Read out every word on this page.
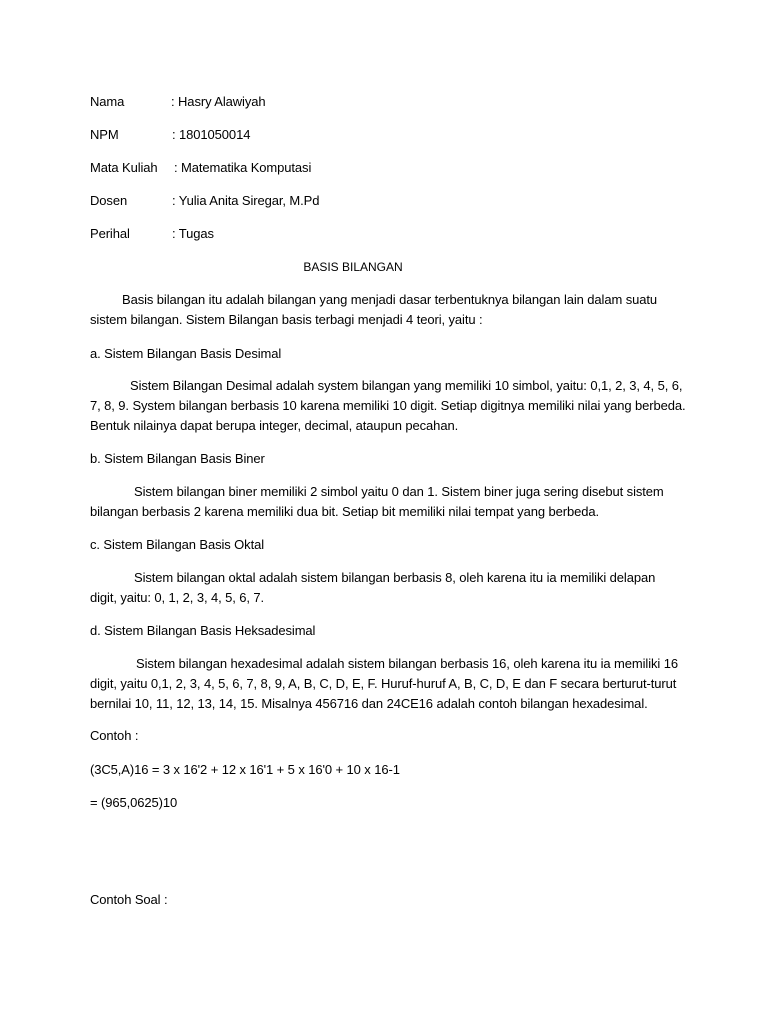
Nama	: Hasry Alawiyah
NPM	: 1801050014
Mata Kuliah : Matematika Komputasi
Dosen	: Yulia Anita Siregar, M.Pd
Perihal	: Tugas
BASIS BILANGAN
Basis bilangan itu adalah bilangan yang menjadi dasar terbentuknya bilangan lain dalam suatu
sistem bilangan. Sistem Bilangan basis terbagi menjadi 4 teori, yaitu :
a. Sistem Bilangan Basis Desimal
Sistem Bilangan Desimal adalah system bilangan yang memiliki 10 simbol, yaitu: 0,1, 2, 3, 4, 5, 6,
7, 8, 9. System bilangan berbasis 10 karena memiliki 10 digit. Setiap digitnya memiliki nilai yang berbeda.
Bentuk nilainya dapat berupa integer, decimal, ataupun pecahan.
b. Sistem Bilangan Basis Biner
Sistem bilangan biner memiliki 2 simbol yaitu 0 dan 1. Sistem biner juga sering disebut sistem
bilangan berbasis 2 karena memiliki dua bit. Setiap bit memiliki nilai tempat yang berbeda.
c. Sistem Bilangan Basis Oktal
Sistem bilangan oktal adalah sistem bilangan berbasis 8, oleh karena itu ia memiliki delapan
digit, yaitu: 0, 1, 2, 3, 4, 5, 6, 7.
d. Sistem Bilangan Basis Heksadesimal
Sistem bilangan hexadesimal adalah sistem bilangan berbasis 16, oleh karena itu ia memiliki 16
digit, yaitu 0,1, 2, 3, 4, 5, 6, 7, 8, 9, A, B, C, D, E, F. Huruf-huruf A, B, C, D, E dan F secara berturut-turut
bernilai 10, 11, 12, 13, 14, 15. Misalnya 456716 dan 24CE16 adalah contoh bilangan hexadesimal.
Contoh :
(3C5,A)16 = 3 x 16'2 + 12 x 16'1 + 5 x 16'0 + 10 x 16-1
= (965,0625)10
Contoh Soal :
